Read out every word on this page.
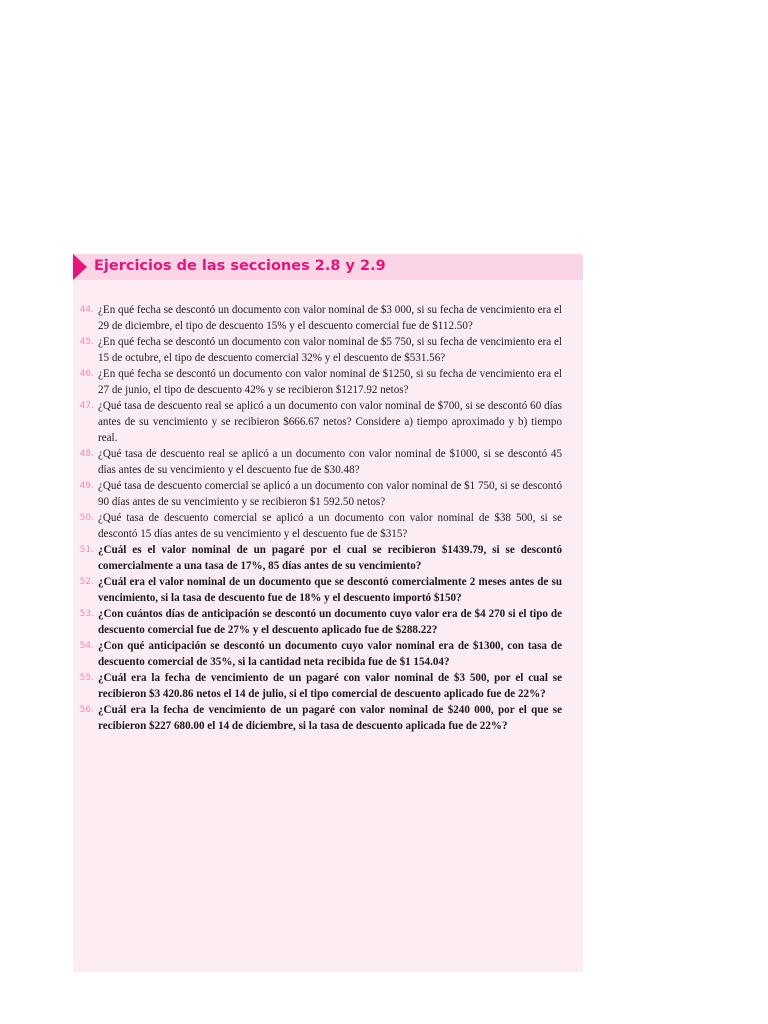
Ejercicios de las secciones 2.8 y 2.9
44. ¿En qué fecha se descontó un documento con valor nominal de $3 000, si su fecha de vencimiento era el 29 de diciembre, el tipo de descuento 15% y el descuento comercial fue de $112.50?
45. ¿En qué fecha se descontó un documento con valor nominal de $5 750, si su fecha de vencimiento era el 15 de octubre, el tipo de descuento comercial 32% y el descuento de $531.56?
46. ¿En qué fecha se descontó un documento con valor nominal de $1250, si su fecha de vencimiento era el 27 de junio, el tipo de descuento 42% y se recibieron $1217.92 netos?
47. ¿Qué tasa de descuento real se aplicó a un documento con valor nominal de $700, si se descontó 60 días antes de su vencimiento y se recibieron $666.67 netos? Considere a) tiempo aproximado y b) tiempo real.
48. ¿Qué tasa de descuento real se aplicó a un documento con valor nominal de $1000, si se descontó 45 días antes de su vencimiento y el descuento fue de $30.48?
49. ¿Qué tasa de descuento comercial se aplicó a un documento con valor nominal de $1 750, si se descontó 90 días antes de su vencimiento y se recibieron $1 592.50 netos?
50. ¿Qué tasa de descuento comercial se aplicó a un documento con valor nominal de $38 500, si se descontó 15 días antes de su vencimiento y el descuento fue de $315?
51. ¿Cuál es el valor nominal de un pagaré por el cual se recibieron $1439.79, si se descontó comercialmente a una tasa de 17%, 85 días antes de su vencimiento?
52. ¿Cuál era el valor nominal de un documento que se descontó comercialmente 2 meses antes de su vencimiento, si la tasa de descuento fue de 18% y el descuento importó $150?
53. ¿Con cuántos días de anticipación se descontó un documento cuyo valor era de $4 270 si el tipo de descuento comercial fue de 27% y el descuento aplicado fue de $288.22?
54. ¿Con qué anticipación se descontó un documento cuyo valor nominal era de $1300, con tasa de descuento comercial de 35%, si la cantidad neta recibida fue de $1 154.04?
55. ¿Cuál era la fecha de vencimiento de un pagaré con valor nominal de $3 500, por el cual se recibieron $3 420.86 netos el 14 de julio, si el tipo comercial de descuento aplicado fue de 22%?
56. ¿Cuál era la fecha de vencimiento de un pagaré con valor nominal de $240 000, por el que se recibieron $227 680.00 el 14 de diciembre, si la tasa de descuento aplicada fue de 22%?
